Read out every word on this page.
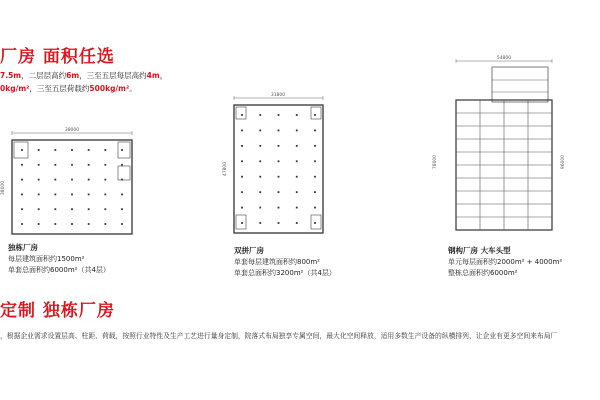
厂房 面积任选
7.5m，二层层高约6m，三至五层每层高约4m，
0kg/m²，三至五层荷载约500kg/m²。
38000
38000
独栋厂房
每层建筑面积约1500m²
单套总面积约6000m²（共4层）
31800
47800
双拼厂房
单套每层建筑面积约800m²
单套总面积约3200m²（共4层）
54800
78000	96000
钢构厂房 大车头型
单元每层面积约2000m² + 4000m²
整栋总面积约6000m²
定制 独栋厂房
，根据企业需求设置层高、柱距、荷载，按照行业特性及生产工艺进行量身定制，院落式布局独享专属空间，最大化空间释放，适用多数生产设备的纵横排列，让企业有更多空间来布局厂
